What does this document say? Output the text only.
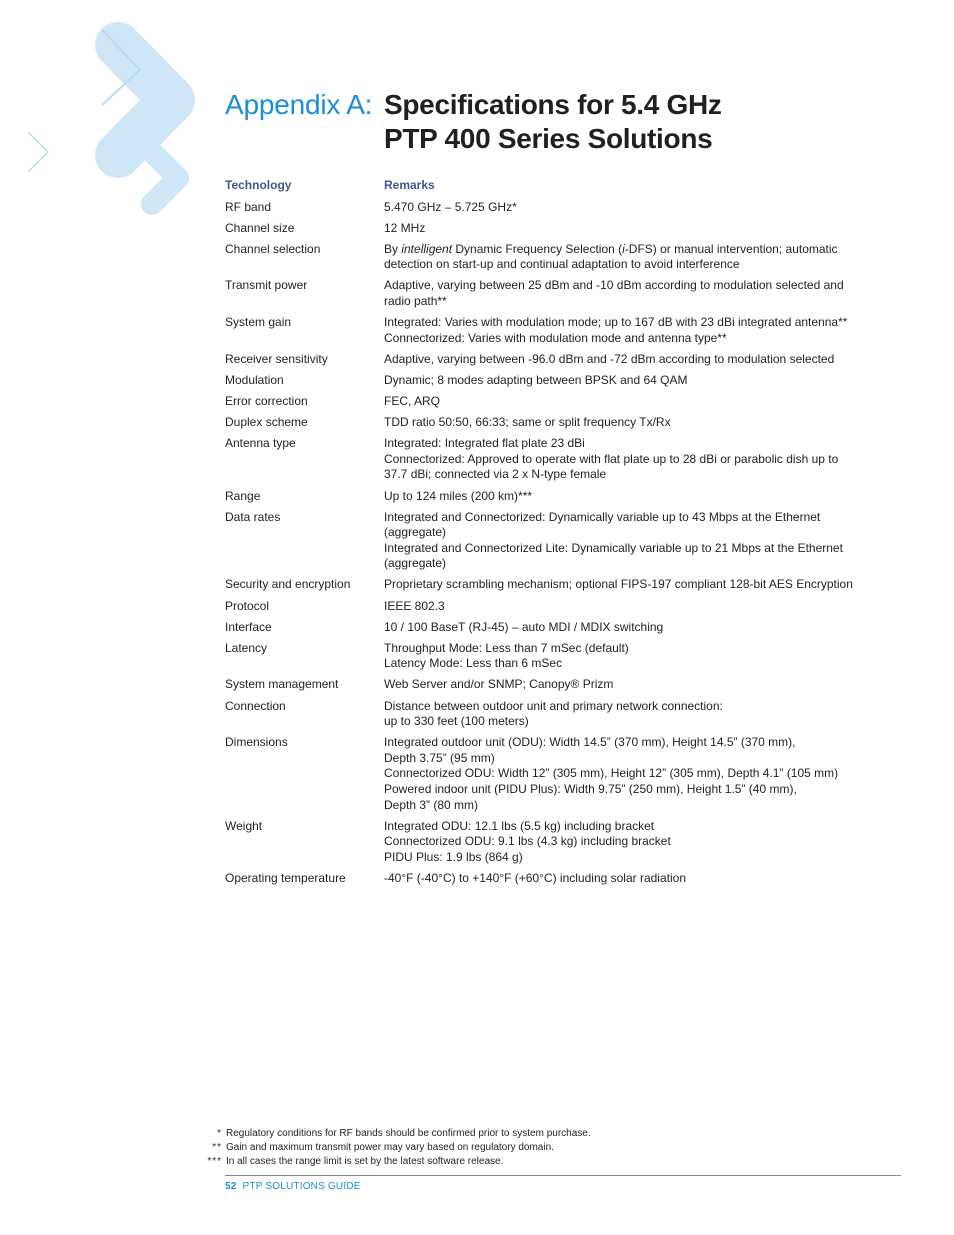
Appendix A: Specifications for 5.4 GHz
PTP 400 Series Solutions
Technology	Remarks
RF band	5.470 GHz – 5.725 GHz*
Channel size	12 MHz
Channel selection	By intelligent Dynamic Frequency Selection (i-DFS) or manual intervention; automatic
detection on start-up and continual adaptation to avoid interference
Transmit power	Adaptive, varying between 25 dBm and -10 dBm according to modulation selected and
radio path**
System gain	Integrated: Varies with modulation mode; up to 167 dB with 23 dBi integrated antenna**
Connectorized: Varies with modulation mode and antenna type**
Receiver sensitivity	Adaptive, varying between -96.0 dBm and -72 dBm according to modulation selected
Modulation	Dynamic; 8 modes adapting between BPSK and 64 QAM
Error correction	FEC, ARQ
Duplex scheme	TDD ratio 50:50, 66:33; same or split frequency Tx/Rx
Antenna type	Integrated: Integrated flat plate 23 dBi
Connectorized: Approved to operate with flat plate up to 28 dBi or parabolic dish up to
37.7 dBi; connected via 2 x N-type female
Range	Up to 124 miles (200 km)***
Data rates	Integrated and Connectorized: Dynamically variable up to 43 Mbps at the Ethernet
(aggregate)
Integrated and Connectorized Lite: Dynamically variable up to 21 Mbps at the Ethernet
(aggregate)
Security and encryption	Proprietary scrambling mechanism; optional FIPS-197 compliant 128-bit AES Encryption
Protocol	IEEE 802.3
Interface	10 / 100 BaseT (RJ-45) – auto MDI / MDIX switching
Latency	Throughput Mode: Less than 7 mSec (default)
Latency Mode: Less than 6 mSec
System management	Web Server and/or SNMP; Canopy® Prizm
Connection	Distance between outdoor unit and primary network connection:
up to 330 feet (100 meters)
Dimensions	Integrated outdoor unit (ODU): Width 14.5” (370 mm), Height 14.5” (370 mm),
Depth 3.75” (95 mm)
Connectorized ODU: Width 12” (305 mm), Height 12” (305 mm), Depth 4.1” (105 mm)
Powered indoor unit (PIDU Plus): Width 9.75” (250 mm), Height 1.5” (40 mm),
Depth 3” (80 mm)
Weight	Integrated ODU: 12.1 lbs (5.5 kg) including bracket
Connectorized ODU: 9.1 lbs (4.3 kg) including bracket
PIDU Plus: 1.9 lbs (864 g)
Operating temperature	-40°F (-40°C) to +140°F (+60°C) including solar radiation
* Regulatory conditions for RF bands should be confirmed prior to system purchase.
** Gain and maximum transmit power may vary based on regulatory domain.
*** In all cases the range limit is set by the latest software release.
52 PTP SOLUTIONS GUIDE
